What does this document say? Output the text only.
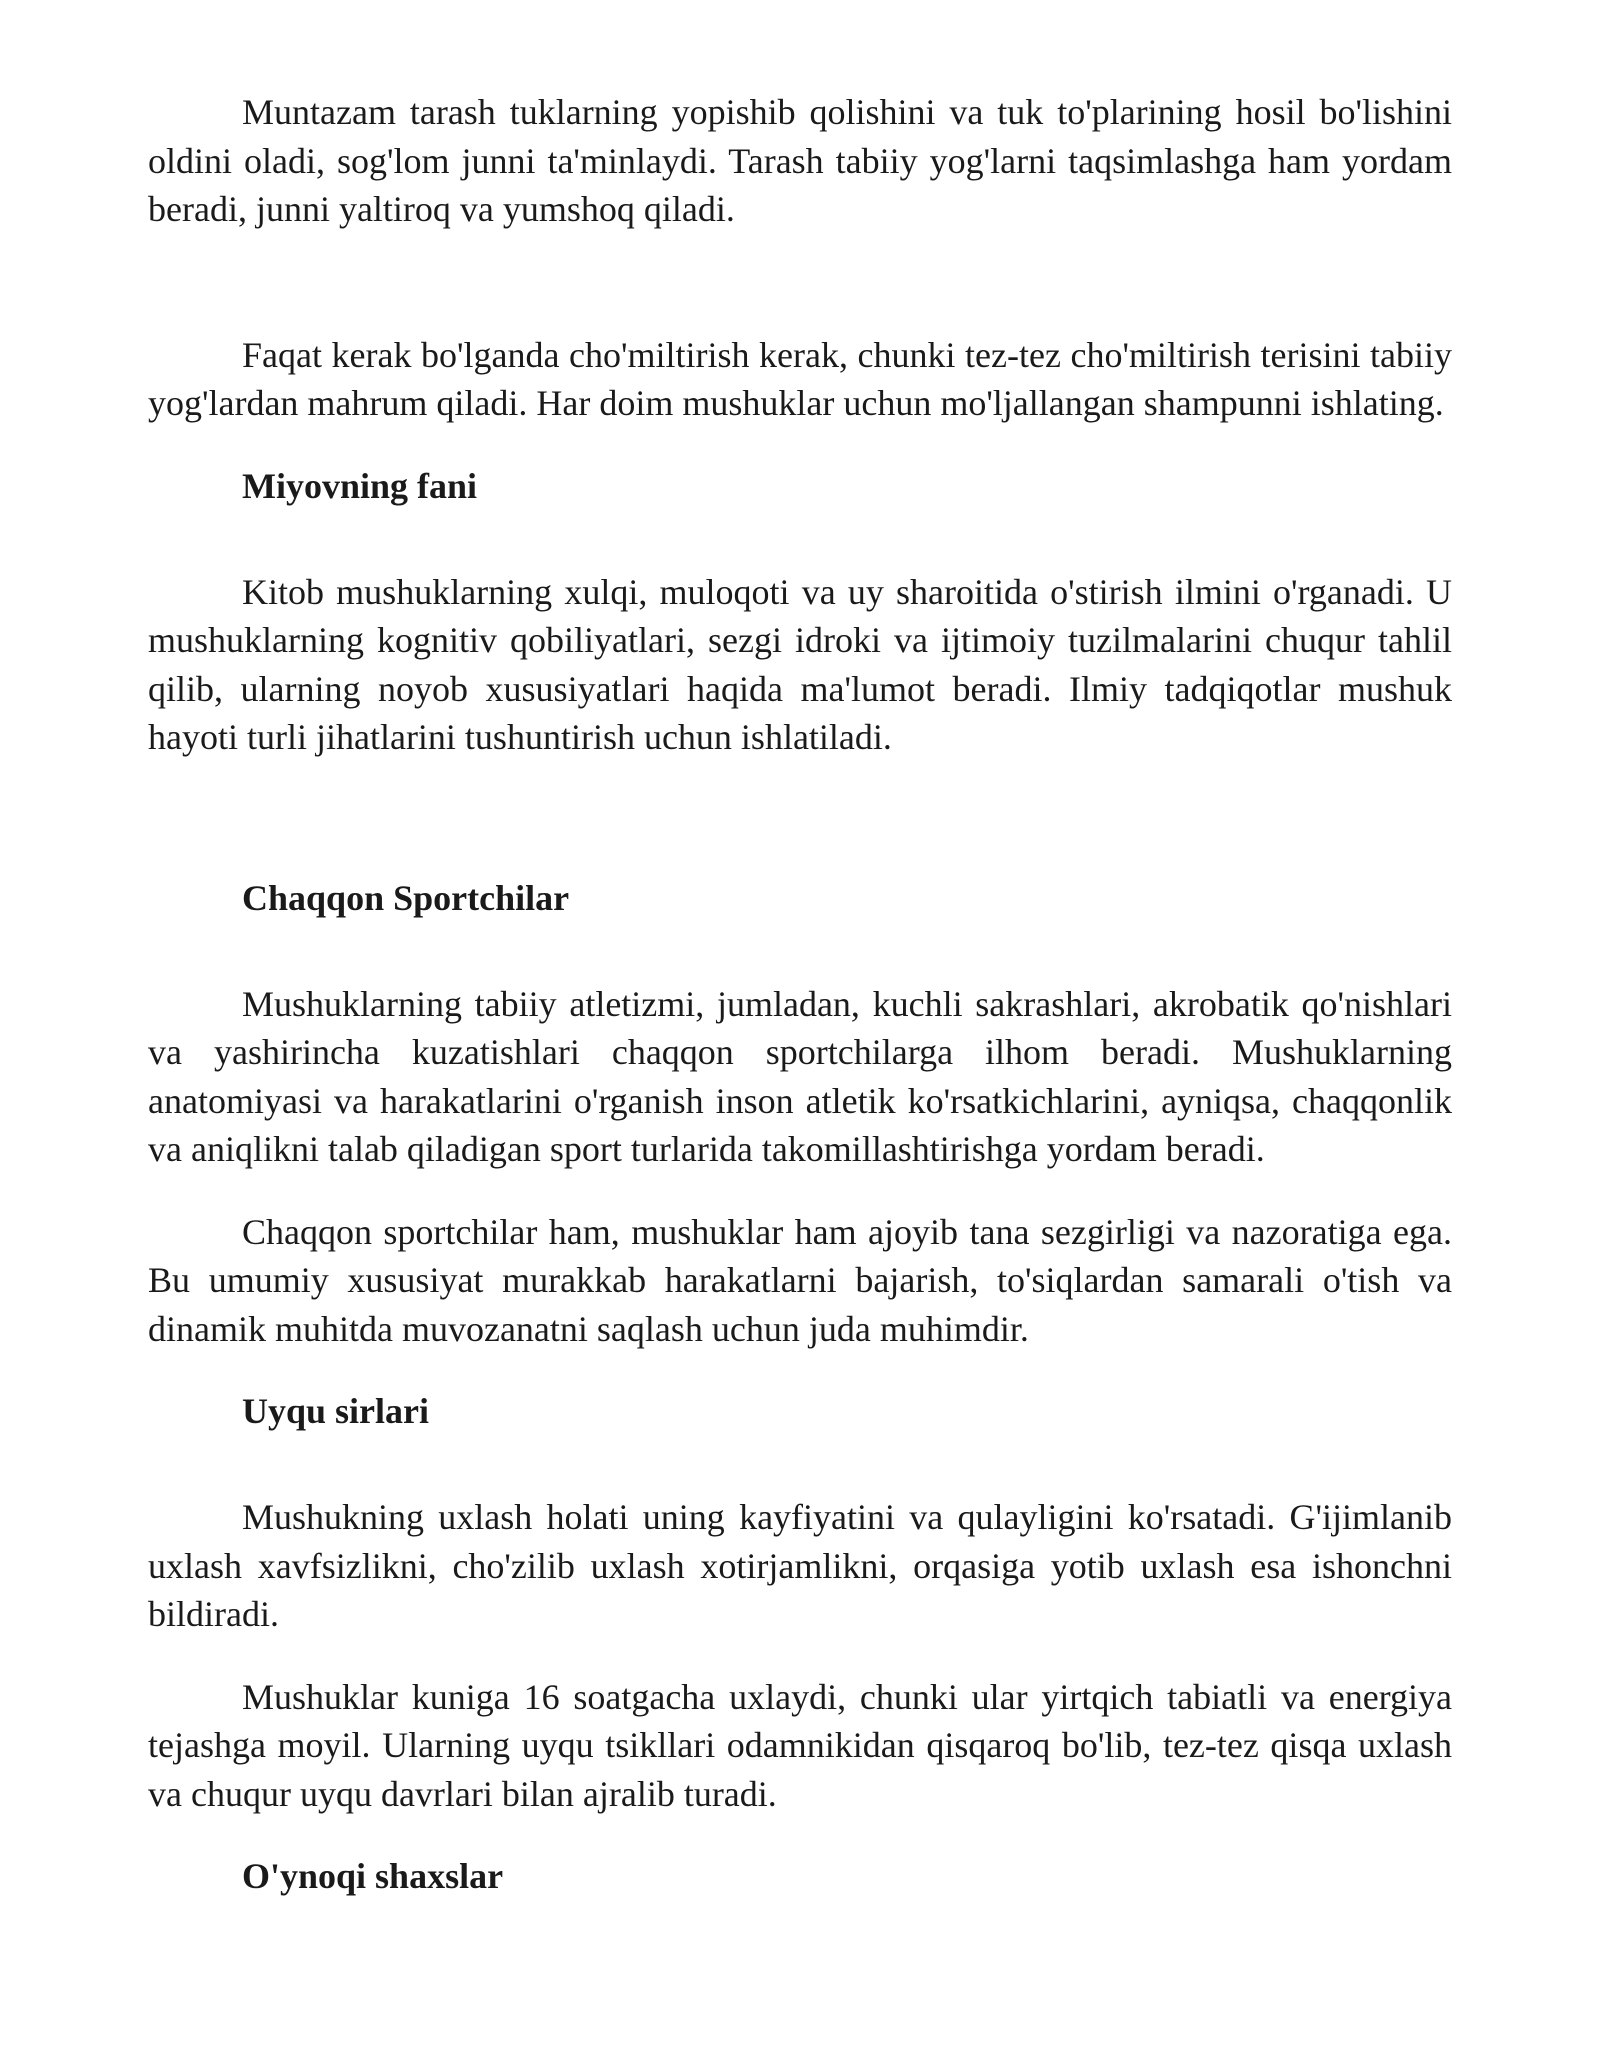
Muntazam tarash tuklarning yopishib qolishini va tuk to'plarining hosil bo'lishini oldini oladi, sog'lom junni ta'minlaydi. Tarash tabiiy yog'larni taqsimlashga ham yordam beradi, junni yaltiroq va yumshoq qiladi.

Faqat kerak bo'lganda cho'miltirish kerak, chunki tez-tez cho'miltirish terisini tabiiy yog'lardan mahrum qiladi. Har doim mushuklar uchun mo'ljallangan shampunni ishlating.

Miyovning fani

Kitob mushuklarning xulqi, muloqoti va uy sharoitida o'stirish ilmini o'rganadi. U mushuklarning kognitiv qobiliyatlari, sezgi idroki va ijtimoiy tuzilmalarini chuqur tahlil qilib, ularning noyob xususiyatlari haqida ma'lumot beradi. Ilmiy tadqiqotlar mushuk hayoti turli jihatlarini tushuntirish uchun ishlatiladi.

Chaqqon Sportchilar

Mushuklarning tabiiy atletizmi, jumladan, kuchli sakrashlari, akrobatik qo'nishlari va yashirincha kuzatishlari chaqqon sportchilarga ilhom beradi. Mushuklarning anatomiyasi va harakatlarini o'rganish inson atletik ko'rsatkichlarini, ayniqsa, chaqqonlik va aniqlikni talab qiladigan sport turlarida takomillashtirishga yordam beradi.

Chaqqon sportchilar ham, mushuklar ham ajoyib tana sezgirligi va nazoratiga ega. Bu umumiy xususiyat murakkab harakatlarni bajarish, to'siqlardan samarali o'tish va dinamik muhitda muvozanatni saqlash uchun juda muhimdir.

Uyqu sirlari

Mushukning uxlash holati uning kayfiyatini va qulayligini ko'rsatadi. G'ijimlanib uxlash xavfsizlikni, cho'zilib uxlash xotirjamlikni, orqasiga yotib uxlash esa ishonchni bildiradi.

Mushuklar kuniga 16 soatgacha uxlaydi, chunki ular yirtqich tabiatli va energiya tejashga moyil. Ularning uyqu tsikllari odamnikidan qisqaroq bo'lib, tez-tez qisqa uxlash va chuqur uyqu davrlari bilan ajralib turadi.

O'ynoqi shaxslar
